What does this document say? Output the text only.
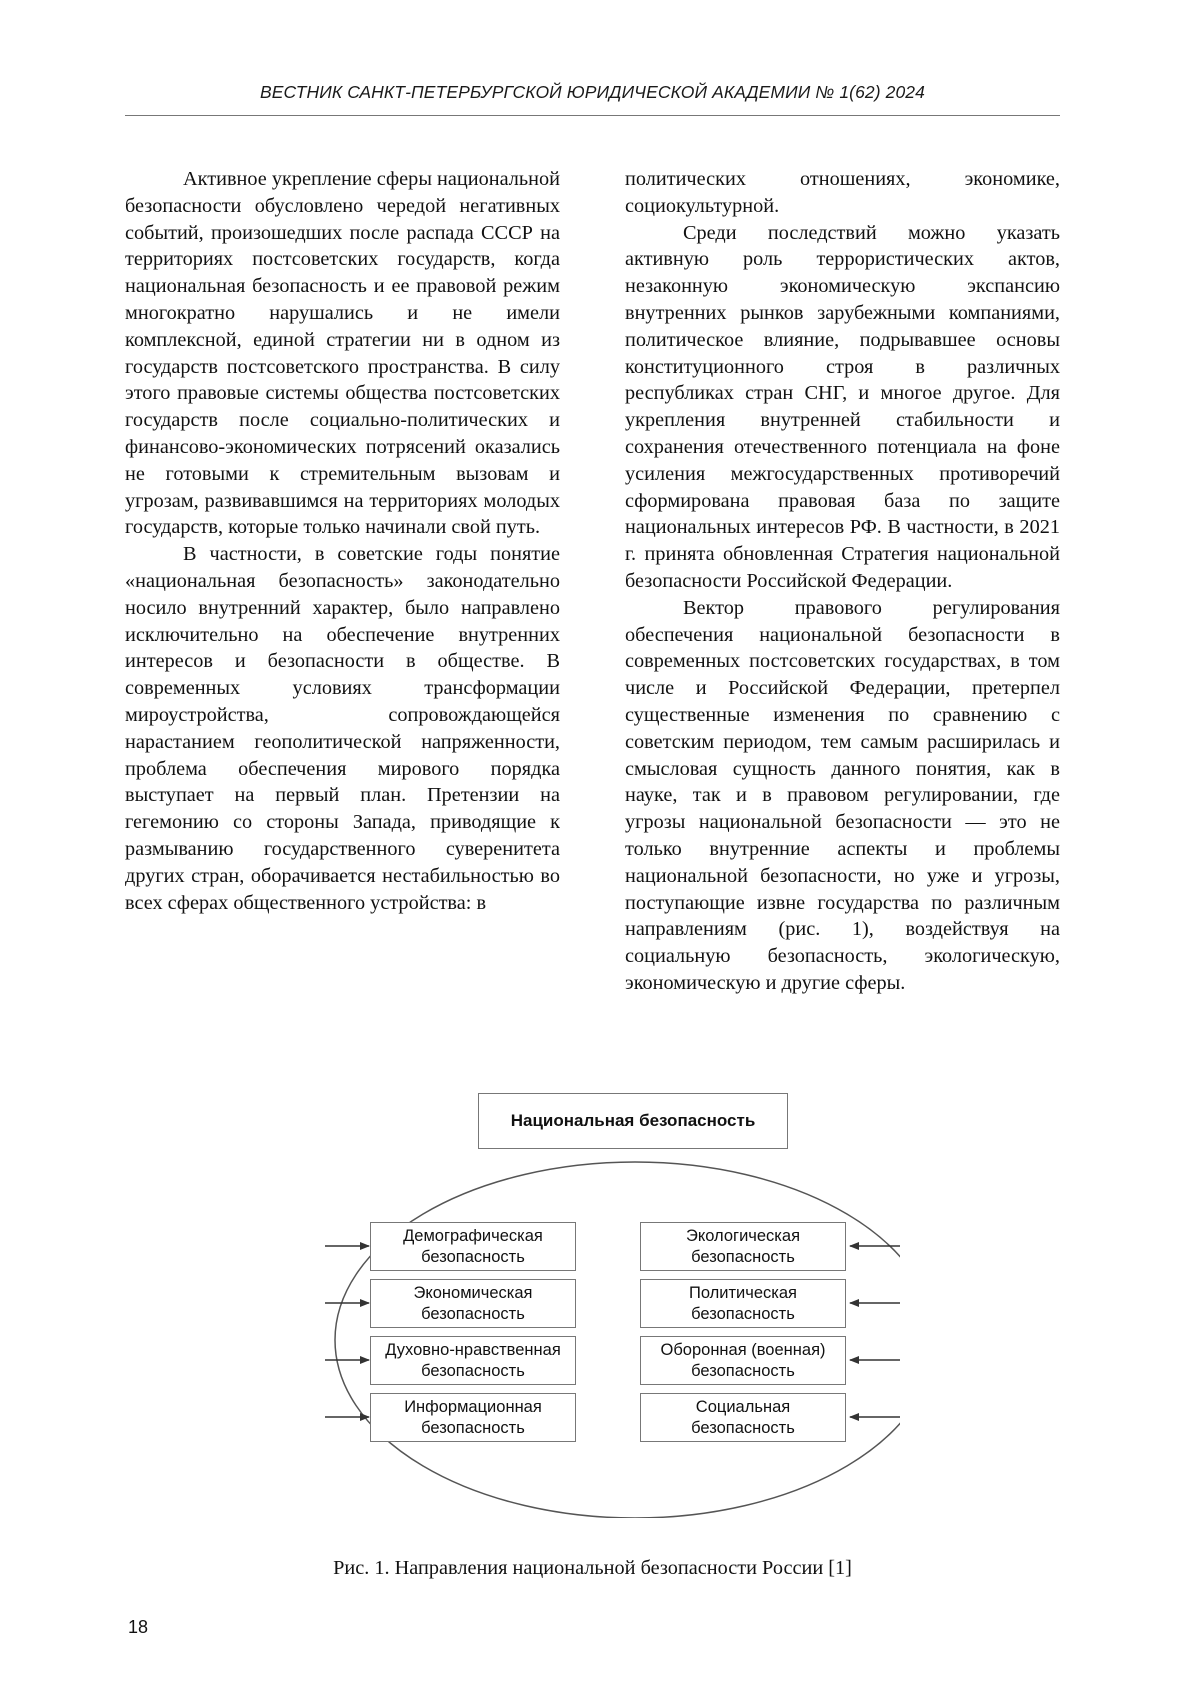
ВЕСТНИК САНКТ-ПЕТЕРБУРГСКОЙ ЮРИДИЧЕСКОЙ АКАДЕМИИ № 1(62) 2024

Активное укрепление сферы национальной безопасности обусловлено чередой негативных событий, произошедших после распада СССР на территориях постсоветских государств, когда национальная безопасность и ее правовой режим многократно нарушались и не имели комплексной, единой стратегии ни в одном из государств постсоветского пространства. В силу этого правовые системы общества постсоветских государств после социально-политических и финансово-экономических потрясений оказались не готовыми к стремительным вызовам и угрозам, развивавшимся на территориях молодых государств, которые только начинали свой путь.

В частности, в советские годы понятие «национальная безопасность» законодательно носило внутренний характер, было направлено исключительно на обеспечение внутренних интересов и безопасности в обществе. В современных условиях трансформации мироустройства, сопровождающейся нарастанием геополитической напряженности, проблема обеспечения мирового порядка выступает на первый план. Претензии на гегемонию со стороны Запада, приводящие к размыванию государственного суверенитета других стран, оборачивается нестабильностью во всех сферах общественного устройства: в

политических отношениях, экономике, социокультурной.

Среди последствий можно указать активную роль террористических актов, незаконную экономическую экспансию внутренних рынков зарубежными компаниями, политическое влияние, подрывавшее основы конституционного строя в различных республиках стран СНГ, и многое другое. Для укрепления внутренней стабильности и сохранения отечественного потенциала на фоне усиления межгосударственных противоречий сформирована правовая база по защите национальных интересов РФ. В частности, в 2021 г. принята обновленная Стратегия национальной безопасности Российской Федерации.

Вектор правового регулирования обеспечения национальной безопасности в современных постсоветских государствах, в том числе и Российской Федерации, претерпел существенные изменения по сравнению с советским периодом, тем самым расширилась и смысловая сущность данного понятия, как в науке, так и в правовом регулировании, где угрозы национальной безопасности — это не только внутренние аспекты и проблемы национальной безопасности, но уже и угрозы, поступающие извне государства по различным направлениям (рис. 1), воздействуя на социальную безопасность, экологическую, экономическую и другие сферы.

Национальная безопасность
Демографическая безопасность
Экономическая безопасность
Духовно-нравственная безопасность
Информационная безопасность
Экологическая безопасность
Политическая безопасность
Оборонная (военная) безопасность
Социальная безопасность
Рис. 1. Направления национальной безопасности России [1]
18
